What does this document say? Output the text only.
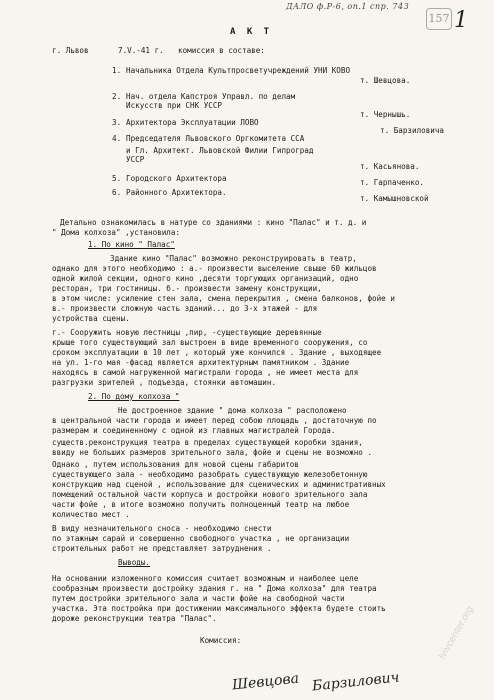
ДАЛО ф.Р-6, оп.1 спр. 743
157 1
А К Т
г. Львов	7.V.-41 г. комиссия в составе:
1. Начальника Отдела Культпросветучреждений УНИ КОВО
т. Шевцова.
2. Нач. отдела Капстроя Управл. по делам
Искусств при СНК УССР
т. Чернышь.
3. Архитектора Эксплуатации ЛОВО
т. Барзиловича
4. Председателя Львовского Оргкомитета ССА
и Гл. Архитект. Львовской Филии Гипроград
УССР
т. Касьянова.
5. Городского Архитектора	т. Гарпаченко.
6. Районного Архитектора.
т. Камышновской
Детально ознакомилась в натуре со зданиями : кино "Палас" и т. д. и
" Дома колхоза" ,установила:
1. По кино " Палас"
Здание кино "Палас" возможно реконструировать в театр,
однако для этого необходимо : а.- произвести выселение свыше 60 жильцов
одной жилой секции, одного кино ,десяти торгующих организаций, одно
ресторан, три гостиницы. б.- произвести замену конструкции,
в этом числе: усиление стен зала, смена перекрытия , смена балконов, фойе и
в.- произвести сложную часть зданий... до 3-х этажей - для
устройства сцены.
г.- Сооружить новую лестницы ,пир, -существующие деревянные
крыше того существующий зал выстроен в виде временного сооружения, со
сроком эксплуатации в 10 лет , который уже кончился . Здание , выходящее
на ул. 1-го мая -фасад является архитектурным памятником . Здание
находясь в самой нагруженной магистрали города , не имеет места для
разгрузки зрителей , подъезда, стоянки автомашин.
2. По дому колхоза "
Не достроенное здание " дома колхоза " расположено
в центральной части города и имеет перед собою площадь , достаточную по
размерам и соединенному с одной из главных магистралей Городa.
существ.реконструкция театра в пределах существующей коробки здания,
ввиду не больших размеров зрительного зала, фойе и сцены не возможно .
Однако , путем использования для новой сцены габаритов
существующего зала - необходимо разобрать существующую железобетонную
конструкцию над сценой , использование для сценических и административных
помещений остальной части корпуса и достройки нового зрительного зала
части фойе , в итоге возможно получить полноценный театр на любое
количество мест .
В виду незначительного сноса - необходимо снести
по этажным сарай и совершенно свободного участка , не организации
строительных работ не представляет затруднения .
Выводы.
На основании изложенного комиссия считает возможным и наиболее целе
сообразным произвести достройку здания г. на " Дома колхоза" для театра
путем достройки зрительного зала и части фойе на свободной части
участка. Эта постройка при достижении максимального эффекта будете стоить
дороже реконструкции театра "Палас".
Комиссия:
Шевцова Барзилович
lvivcenter.org
